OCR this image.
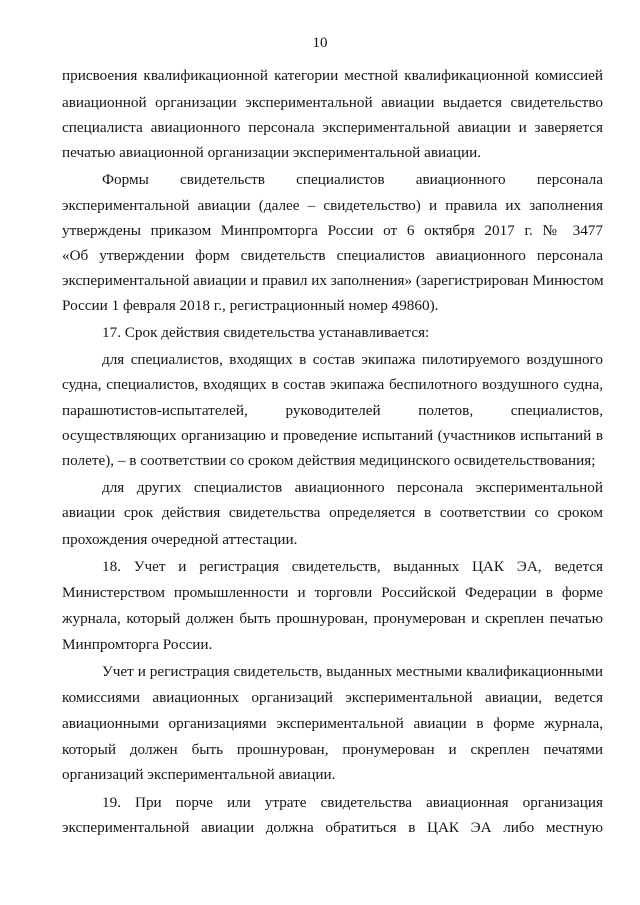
10
присвоения квалификационной категории местной квалификационной комиссией
авиационной организации экспериментальной авиации выдается свидетельство
специалиста авиационного персонала экспериментальной авиации и заверяется
печатью авиационной организации экспериментальной авиации.
Формы свидетельств специалистов авиационного персонала
экспериментальной авиации (далее – свидетельство) и правила их заполнения
утверждены приказом Минпромторга России от 6 октября 2017 г. № 3477
«Об утверждении форм свидетельств специалистов авиационного персонала
экспериментальной авиации и правил их заполнения» (зарегистрирован Минюстом
России 1 февраля 2018 г., регистрационный номер 49860).
17. Срок действия свидетельства устанавливается:
для специалистов, входящих в состав экипажа пилотируемого воздушного
судна, специалистов, входящих в состав экипажа беспилотного воздушного судна,
парашютистов-испытателей, руководителей полетов, специалистов,
осуществляющих организацию и проведение испытаний (участников испытаний в
полете), – в соответствии со сроком действия медицинского освидетельствования;
для других специалистов авиационного персонала экспериментальной
авиации срок действия свидетельства определяется в соответствии со сроком
прохождения очередной аттестации.
18. Учет и регистрация свидетельств, выданных ЦАК ЭА, ведется
Министерством промышленности и торговли Российской Федерации в форме
журнала, который должен быть прошнурован, пронумерован и скреплен печатью
Минпромторга России.
Учет и регистрация свидетельств, выданных местными квалификационными
комиссиями авиационных организаций экспериментальной авиации, ведется
авиационными организациями экспериментальной авиации в форме журнала,
который должен быть прошнурован, пронумерован и скреплен печатями
организаций экспериментальной авиации.
19. При порче или утрате свидетельства авиационная организация
экспериментальной авиации должна обратиться в ЦАК ЭА либо местную
